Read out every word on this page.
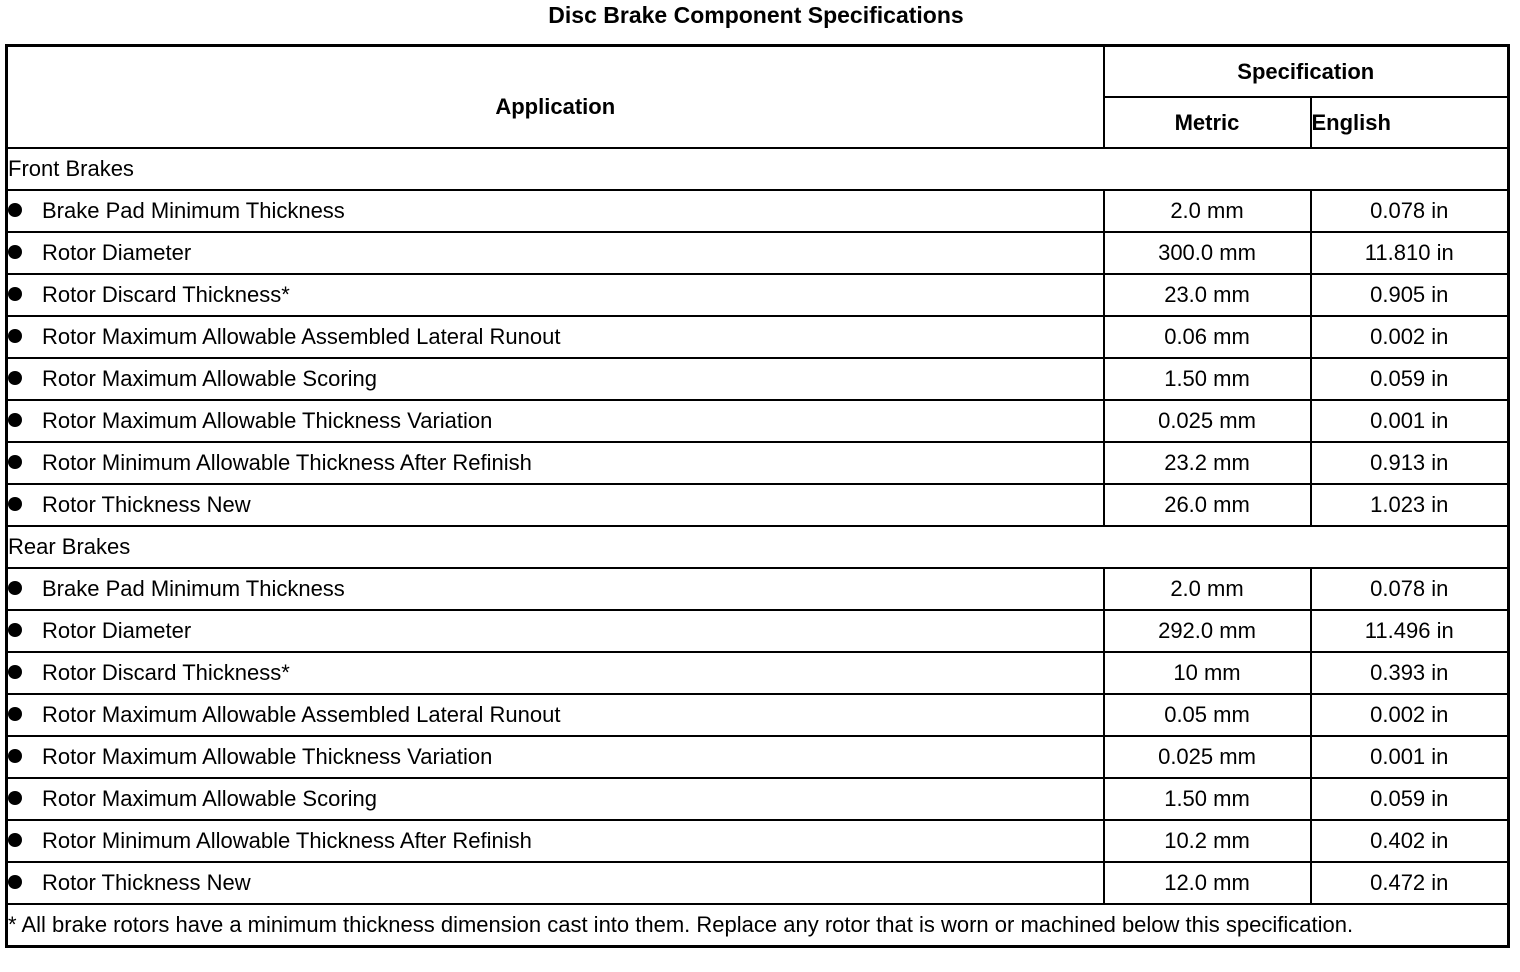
Disc Brake Component Specifications
Application	Specification	
	Metric	English
Front Brakes		
Brake Pad Minimum Thickness	2.0 mm	0.078 in
Rotor Diameter	300.0 mm	11.810 in
Rotor Discard Thickness*	23.0 mm	0.905 in
Rotor Maximum Allowable Assembled Lateral Runout	0.06 mm	0.002 in
Rotor Maximum Allowable Scoring	1.50 mm	0.059 in
Rotor Maximum Allowable Thickness Variation	0.025 mm	0.001 in
Rotor Minimum Allowable Thickness After Refinish	23.2 mm	0.913 in
Rotor Thickness New	26.0 mm	1.023 in
Rear Brakes		
Brake Pad Minimum Thickness	2.0 mm	0.078 in
Rotor Diameter	292.0 mm	11.496 in
Rotor Discard Thickness*	10 mm	0.393 in
Rotor Maximum Allowable Assembled Lateral Runout	0.05 mm	0.002 in
Rotor Maximum Allowable Thickness Variation	0.025 mm	0.001 in
Rotor Maximum Allowable Scoring	1.50 mm	0.059 in
Rotor Minimum Allowable Thickness After Refinish	10.2 mm	0.402 in
Rotor Thickness New	12.0 mm	0.472 in
* All brake rotors have a minimum thickness dimension cast into them. Replace any rotor that is worn or machined below this specification.		
